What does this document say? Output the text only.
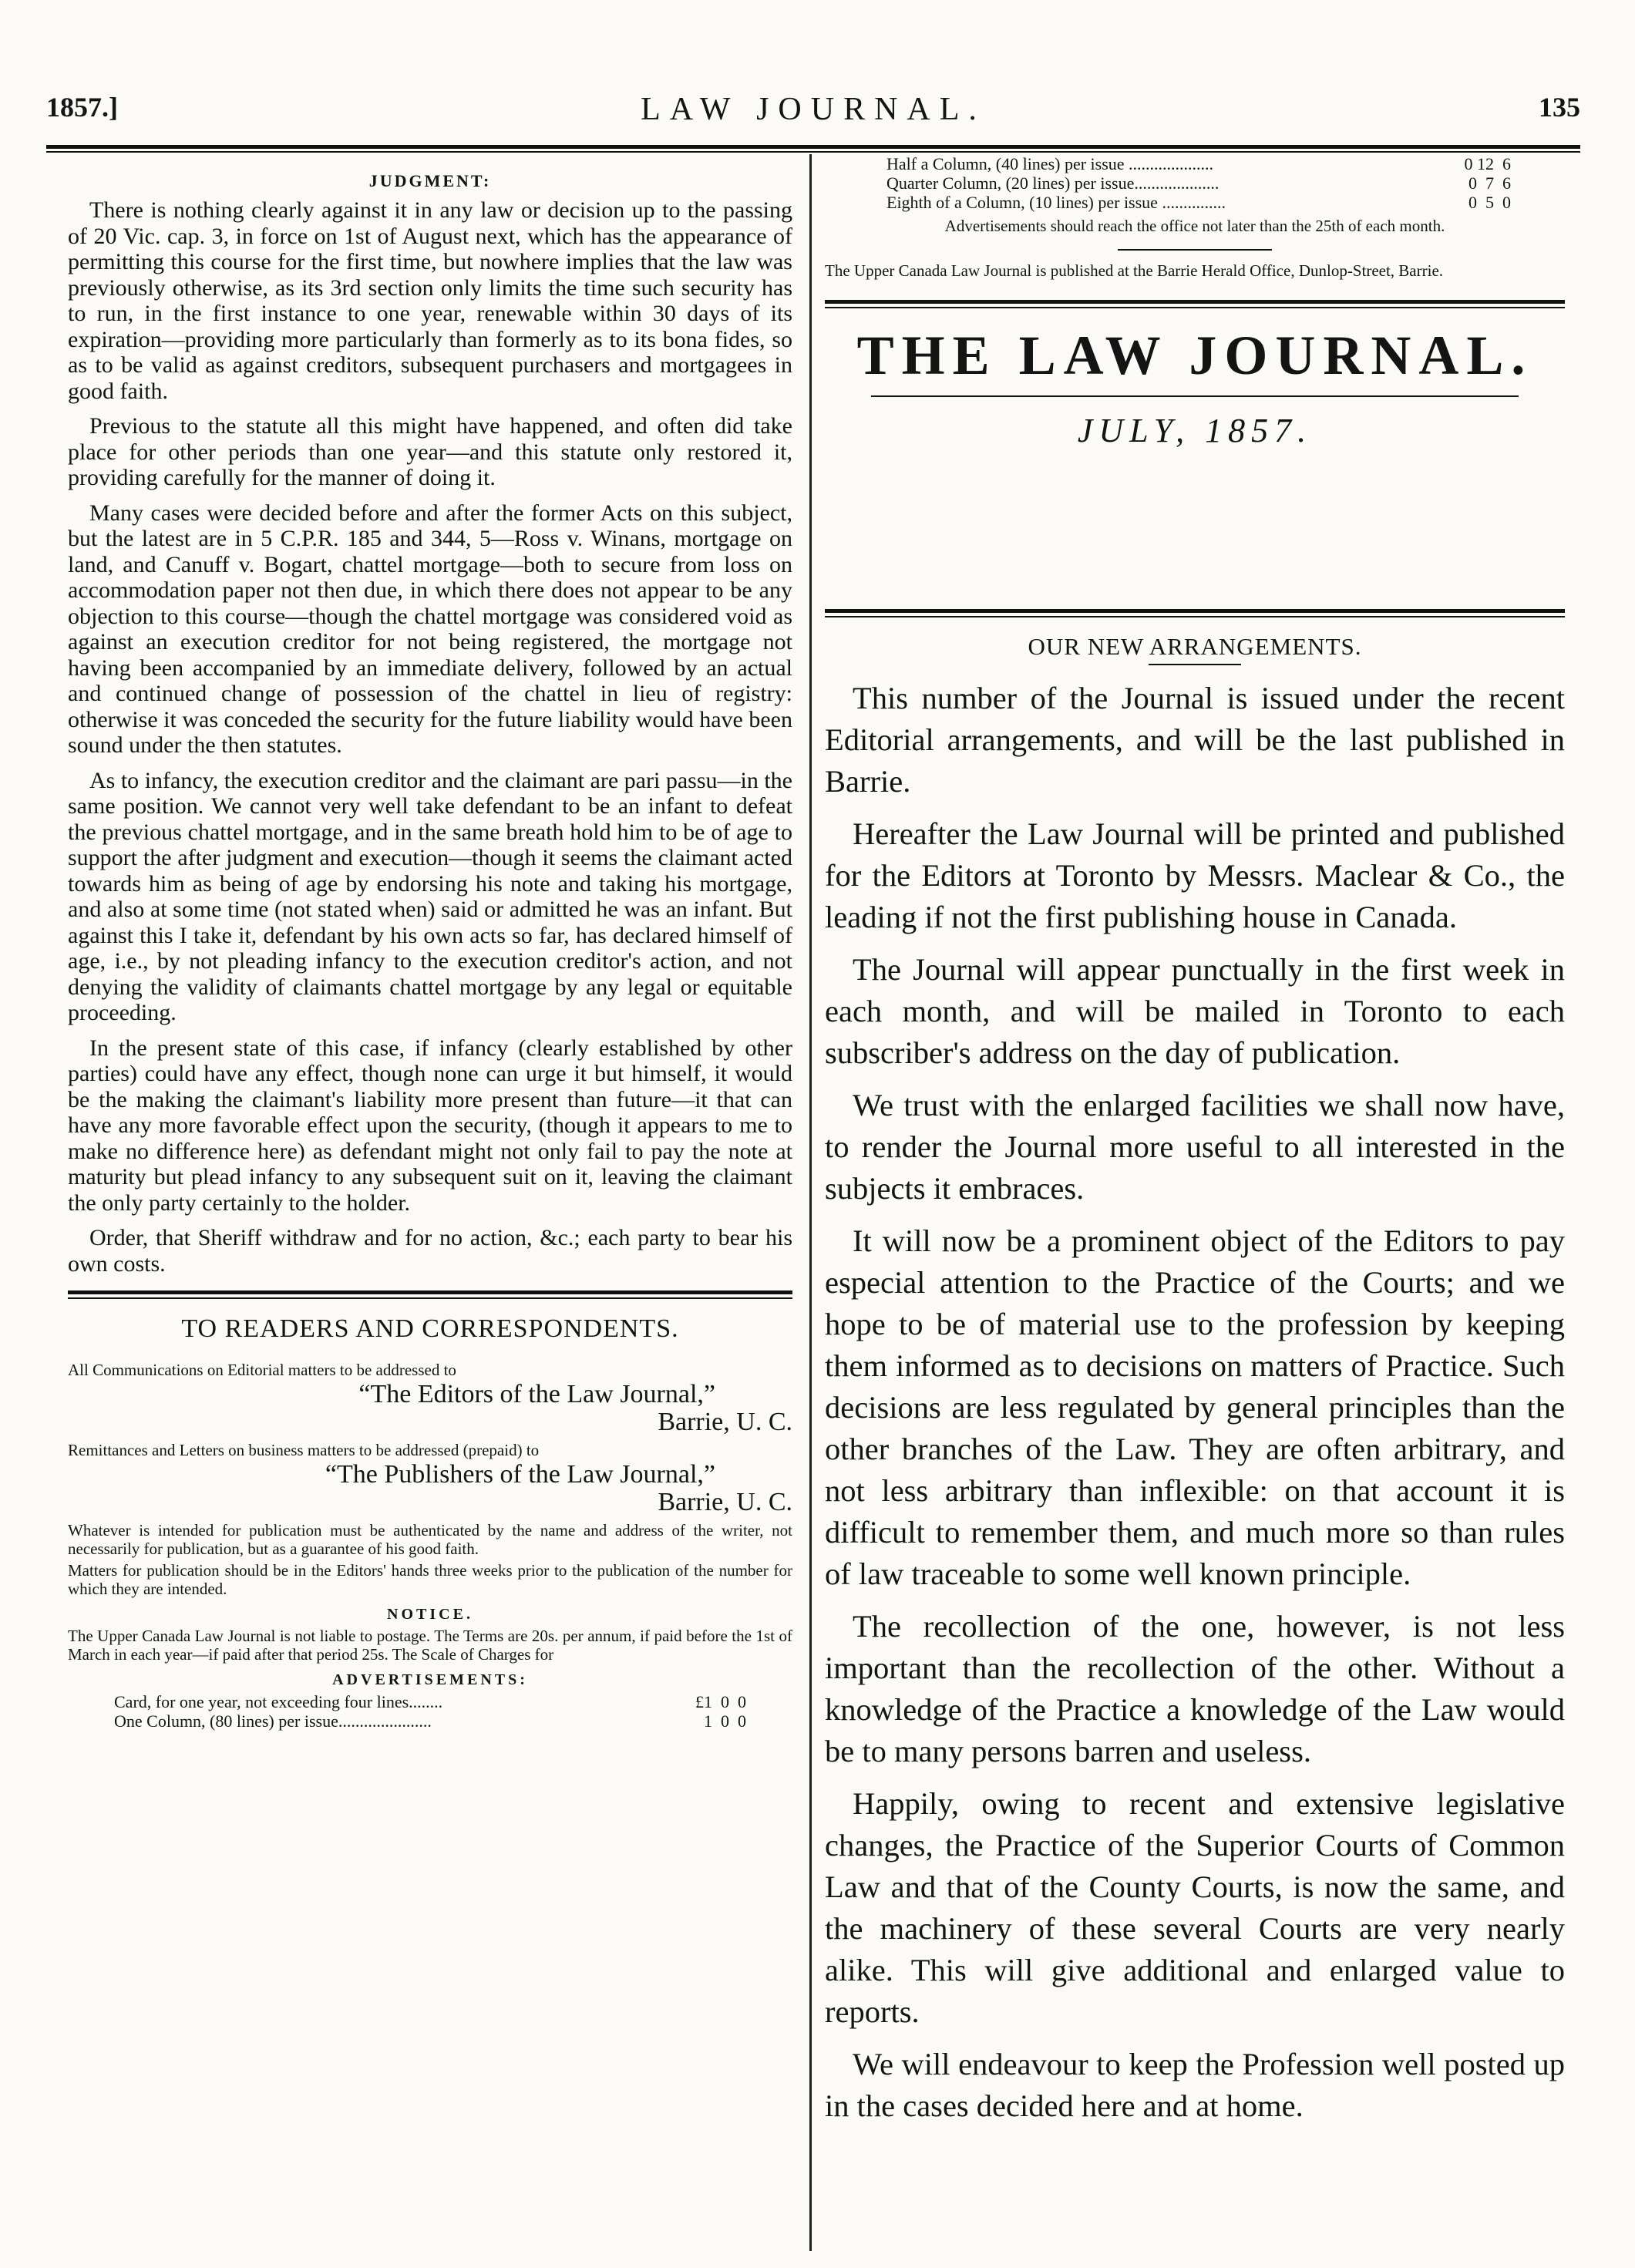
1857.]	LAW JOURNAL.	135
JUDGMENT:

There is nothing clearly against it in any law or decision up to the passing of 20 Vic. cap. 3, in force on 1st of August next, which has the appearance of permitting this course for the first time, but nowhere implies that the law was previously otherwise, as its 3rd section only limits the time such security has to run, in the first instance to one year, renewable within 30 days of its expiration—providing more particularly than formerly as to its bona fides, so as to be valid as against creditors, subsequent purchasers and mortgagees in good faith.

Previous to the statute all this might have happened, and often did take place for other periods than one year—and this statute only restored it, providing carefully for the manner of doing it.

Many cases were decided before and after the former Acts on this subject, but the latest are in 5 C.P.R. 185 and 344, 5—Ross v. Winans, mortgage on land, and Canuff v. Bogart, chattel mortgage—both to secure from loss on accommodation paper not then due, in which there does not appear to be any objection to this course—though the chattel mortgage was considered void as against an execution creditor for not being registered, the mortgage not having been accompanied by an immediate delivery, followed by an actual and continued change of possession of the chattel in lieu of registry: otherwise it was conceded the security for the future liability would have been sound under the then statutes.

As to infancy, the execution creditor and the claimant are pari passu—in the same position. We cannot very well take defendant to be an infant to defeat the previous chattel mortgage, and in the same breath hold him to be of age to support the after judgment and execution—though it seems the claimant acted towards him as being of age by endorsing his note and taking his mortgage, and also at some time (not stated when) said or admitted he was an infant. But against this I take it, defendant by his own acts so far, has declared himself of age, i.e., by not pleading infancy to the execution creditor's action, and not denying the validity of claimants chattel mortgage by any legal or equitable proceeding.

In the present state of this case, if infancy (clearly established by other parties) could have any effect, though none can urge it but himself, it would be the making the claimant's liability more present than future—it that can have any more favorable effect upon the security, (though it appears to me to make no difference here) as defendant might not only fail to pay the note at maturity but plead infancy to any subsequent suit on it, leaving the claimant the only party certainly to the holder.

Order, that Sheriff withdraw and for no action, &c.; each party to bear his own costs.

TO READERS AND CORRESPONDENTS.
All Communications on Editorial matters to be addressed to
“The Editors of the Law Journal,”
Barrie, U. C.
Remittances and Letters on business matters to be addressed (prepaid) to
“The Publishers of the Law Journal,”
Barrie, U. C.

Whatever is intended for publication must be authenticated by the name and address of the writer, not necessarily for publication, but as a guarantee of his good faith.

Matters for publication should be in the Editors' hands three weeks prior to the publication of the number for which they are intended.

NOTICE.
The Upper Canada Law Journal is not liable to postage. The Terms are 20s. per annum, if paid before the 1st of March in each year—if paid after that period 25s. The Scale of Charges for
ADVERTISEMENTS:
Card, for one year, not exceeding four lines........	£1  0  0
One Column, (80 lines) per issue......................	1  0  0
Half a Column, (40 lines) per issue ....................	0 12  6
Quarter Column, (20 lines) per issue....................	0  7  6
Eighth of a Column, (10 lines) per issue ...............	0  5  0
Advertisements should reach the office not later than the 25th of each month.
The Upper Canada Law Journal is published at the Barrie Herald Office, Dunlop-Street, Barrie.
THE LAW JOURNAL.
JULY, 1857.
OUR NEW ARRANGEMENTS.

This number of the Journal is issued under the recent Editorial arrangements, and will be the last published in Barrie.

Hereafter the Law Journal will be printed and published for the Editors at Toronto by Messrs. Maclear & Co., the leading if not the first publishing house in Canada.

The Journal will appear punctually in the first week in each month, and will be mailed in Toronto to each subscriber's address on the day of publication.

We trust with the enlarged facilities we shall now have, to render the Journal more useful to all interested in the subjects it embraces.

It will now be a prominent object of the Editors to pay especial attention to the Practice of the Courts; and we hope to be of material use to the profession by keeping them informed as to decisions on matters of Practice. Such decisions are less regulated by general principles than the other branches of the Law. They are often arbitrary, and not less arbitrary than inflexible: on that account it is difficult to remember them, and much more so than rules of law traceable to some well known principle.

The recollection of the one, however, is not less important than the recollection of the other. Without a knowledge of the Practice a knowledge of the Law would be to many persons barren and useless.

Happily, owing to recent and extensive legislative changes, the Practice of the Superior Courts of Common Law and that of the County Courts, is now the same, and the machinery of these several Courts are very nearly alike. This will give additional and enlarged value to reports.

We will endeavour to keep the Profession well posted up in the cases decided here and at home.
